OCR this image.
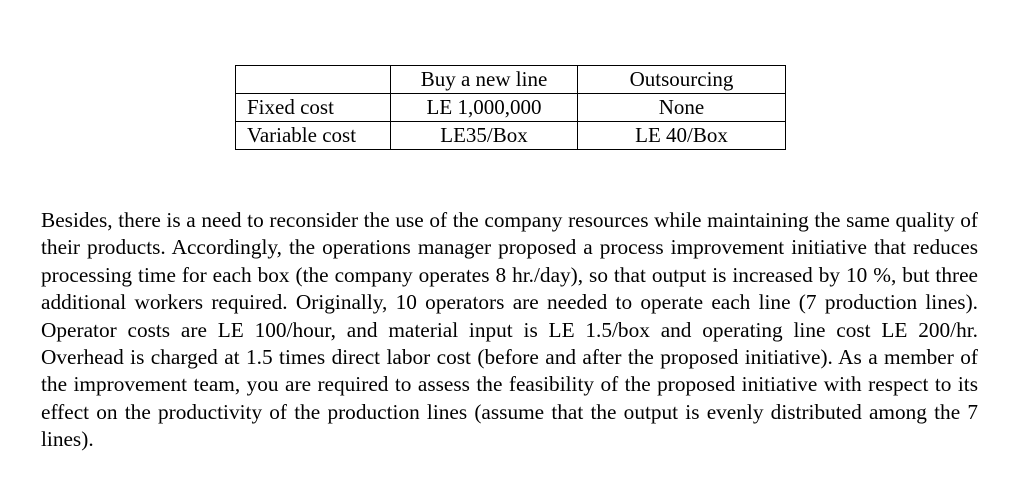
	Buy a new line	Outsourcing
Fixed cost	LE 1,000,000	None
Variable cost	LE35/Box	LE 40/Box

Besides, there is a need to reconsider the use of the company resources while maintaining the same quality of their products. Accordingly, the operations manager proposed a process improvement initiative that reduces processing time for each box (the company operates 8 hr./day), so that output is increased by 10 %, but three additional workers required. Originally, 10 operators are needed to operate each line (7 production lines). Operator costs are LE 100/hour, and material input is LE 1.5/box and operating line cost LE 200/hr. Overhead is charged at 1.5 times direct labor cost (before and after the proposed initiative). As a member of the improvement team, you are required to assess the feasibility of the proposed initiative with respect to its effect on the productivity of the production lines (assume that the output is evenly distributed among the 7 lines).
